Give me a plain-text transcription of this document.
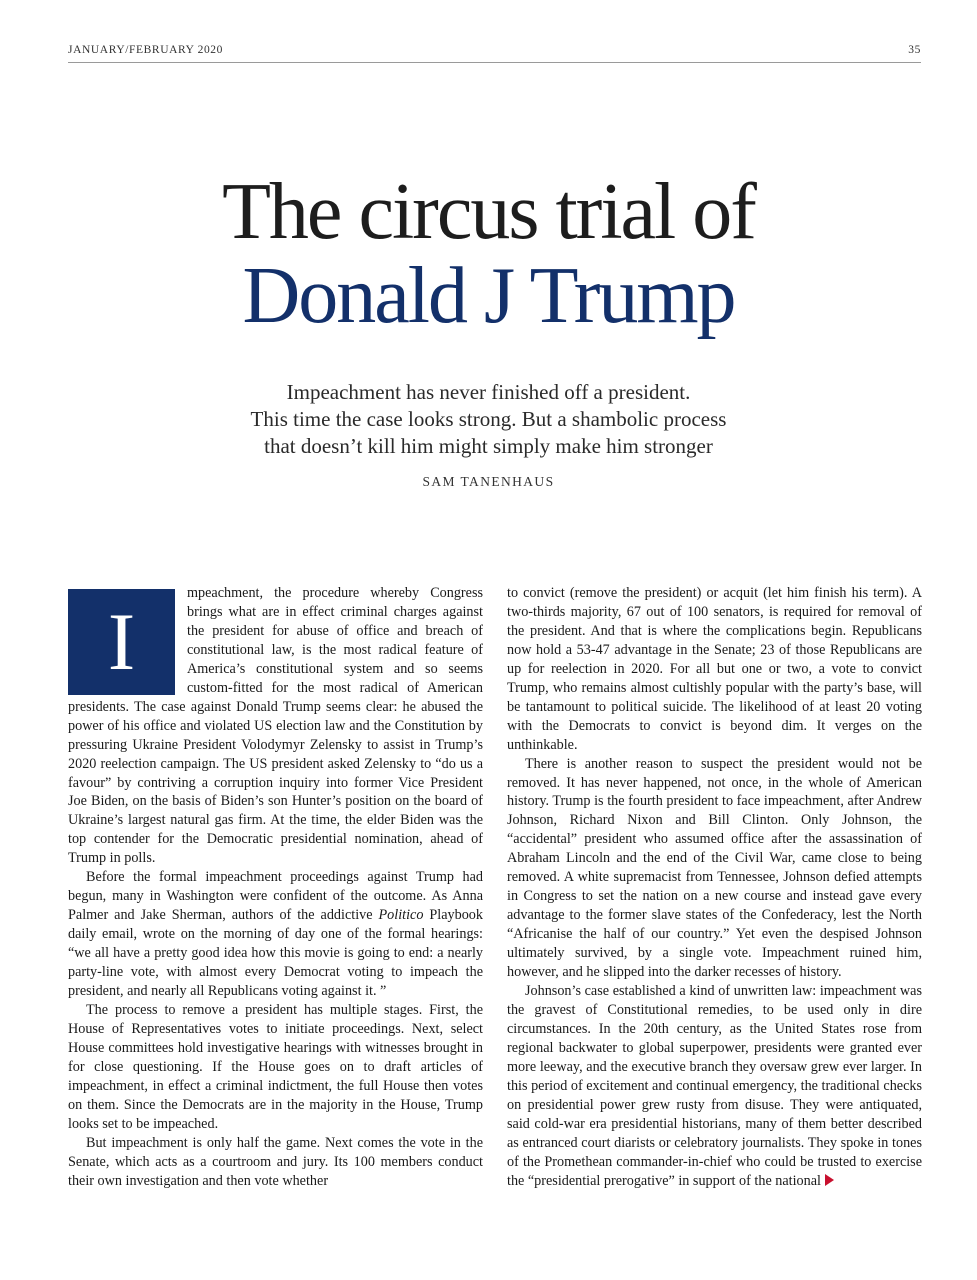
JANUARY/FEBRUARY 2020	35
The circus trial of
Donald J Trump
Impeachment has never finished off a president.
This time the case looks strong. But a shambolic process
that doesn’t kill him might simply make him stronger
SAM TANENHAUS

I
mpeachment, the procedure whereby Congress brings what are in effect criminal charges against the president for abuse of office and breach of constitutional law, is the most radical feature of America’s constitutional system and so seems custom-fitted for the most radical of American presidents. The case against Donald Trump seems clear: he abused the power of his office and violated US election law and the Constitution by pressuring Ukraine President Volodymyr Zelensky to assist in Trump’s 2020 reelection campaign. The US president asked Zelensky to “do us a favour” by contriving a corruption inquiry into former Vice President Joe Biden, on the basis of Biden’s son Hunter’s position on the board of Ukraine’s largest natural gas firm. At the time, the elder Biden was the top contender for the Democratic presidential nomination, ahead of Trump in polls.

Before the formal impeachment proceedings against Trump had begun, many in Washington were confident of the outcome. As Anna Palmer and Jake Sherman, authors of the addictive Politico Playbook daily email, wrote on the morning of day one of the formal hearings: “we all have a pretty good idea how this movie is going to end: a nearly party-line vote, with almost every Democrat voting to impeach the president, and nearly all Republicans voting against it. ”

The process to remove a president has multiple stages. First, the House of Representatives votes to initiate proceedings. Next, select House committees hold investigative hearings with witnesses brought in for close questioning. If the House goes on to draft articles of impeachment, in effect a criminal indictment, the full House then votes on them. Since the Democrats are in the majority in the House, Trump looks set to be impeached.

But impeachment is only half the game. Next comes the vote in the Senate, which acts as a courtroom and jury. Its 100 members conduct their own investigation and then vote whether

to convict (remove the president) or acquit (let him finish his term). A two-thirds majority, 67 out of 100 senators, is required for removal of the president. And that is where the complications begin. Republicans now hold a 53-47 advantage in the Senate; 23 of those Republicans are up for reelection in 2020. For all but one or two, a vote to convict Trump, who remains almost cultishly popular with the party’s base, will be tantamount to political suicide. The likelihood of at least 20 voting with the Democrats to convict is beyond dim. It verges on the unthinkable.

There is another reason to suspect the president would not be removed. It has never happened, not once, in the whole of American history. Trump is the fourth president to face impeachment, after Andrew Johnson, Richard Nixon and Bill Clinton. Only Johnson, the “accidental” president who assumed office after the assassination of Abraham Lincoln and the end of the Civil War, came close to being removed. A white supremacist from Tennessee, Johnson defied attempts in Congress to set the nation on a new course and instead gave every advantage to the former slave states of the Confederacy, lest the North “Africanise the half of our country.” Yet even the despised Johnson ultimately survived, by a single vote. Impeachment ruined him, however, and he slipped into the darker recesses of history.

Johnson’s case established a kind of unwritten law: impeachment was the gravest of Constitutional remedies, to be used only in dire circumstances. In the 20th century, as the United States rose from regional backwater to global superpower, presidents were granted ever more leeway, and the executive branch they oversaw grew ever larger. In this period of excitement and continual emergency, the traditional checks on presidential power grew rusty from disuse. They were antiquated, said cold-war era presidential historians, many of them better described as entranced court diarists or celebratory journalists. They spoke in tones of the Promethean commander-in-chief who could be trusted to exercise the “presidential prerogative” in support of the national
